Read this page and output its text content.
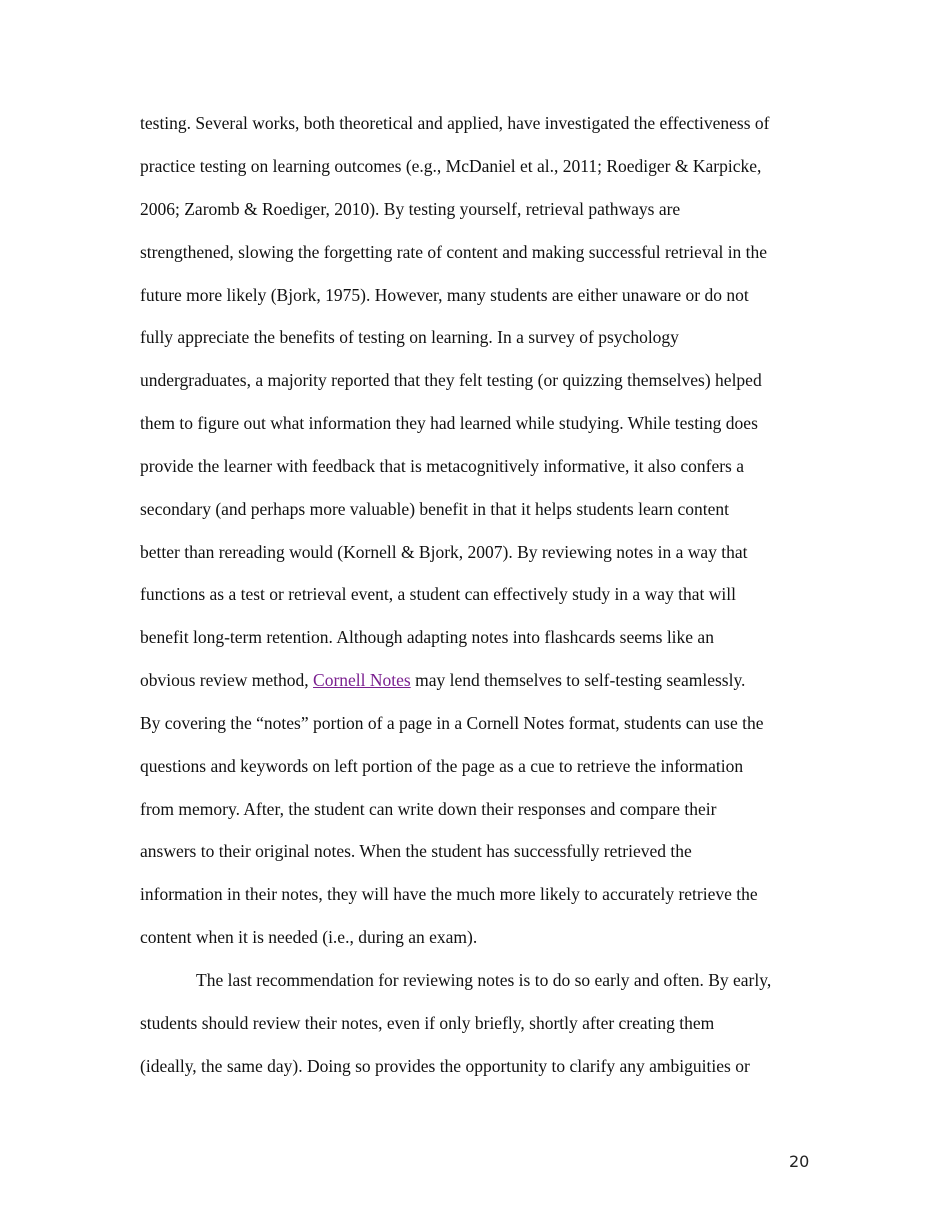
testing. Several works, both theoretical and applied, have investigated the effectiveness of
practice testing on learning outcomes (e.g., McDaniel et al., 2011; Roediger & Karpicke,
2006; Zaromb & Roediger, 2010). By testing yourself, retrieval pathways are
strengthened, slowing the forgetting rate of content and making successful retrieval in the
future more likely (Bjork, 1975). However, many students are either unaware or do not
fully appreciate the benefits of testing on learning. In a survey of psychology
undergraduates, a majority reported that they felt testing (or quizzing themselves) helped
them to figure out what information they had learned while studying. While testing does
provide the learner with feedback that is metacognitively informative, it also confers a
secondary (and perhaps more valuable) benefit in that it helps students learn content
better than rereading would (Kornell & Bjork, 2007). By reviewing notes in a way that
functions as a test or retrieval event, a student can effectively study in a way that will
benefit long-term retention. Although adapting notes into flashcards seems like an
obvious review method, Cornell Notes may lend themselves to self-testing seamlessly.
By covering the “notes” portion of a page in a Cornell Notes format, students can use the
questions and keywords on left portion of the page as a cue to retrieve the information
from memory. After, the student can write down their responses and compare their
answers to their original notes. When the student has successfully retrieved the
information in their notes, they will have the much more likely to accurately retrieve the
content when it is needed (i.e., during an exam).
The last recommendation for reviewing notes is to do so early and often. By early,
students should review their notes, even if only briefly, shortly after creating them
(ideally, the same day). Doing so provides the opportunity to clarify any ambiguities or
20
